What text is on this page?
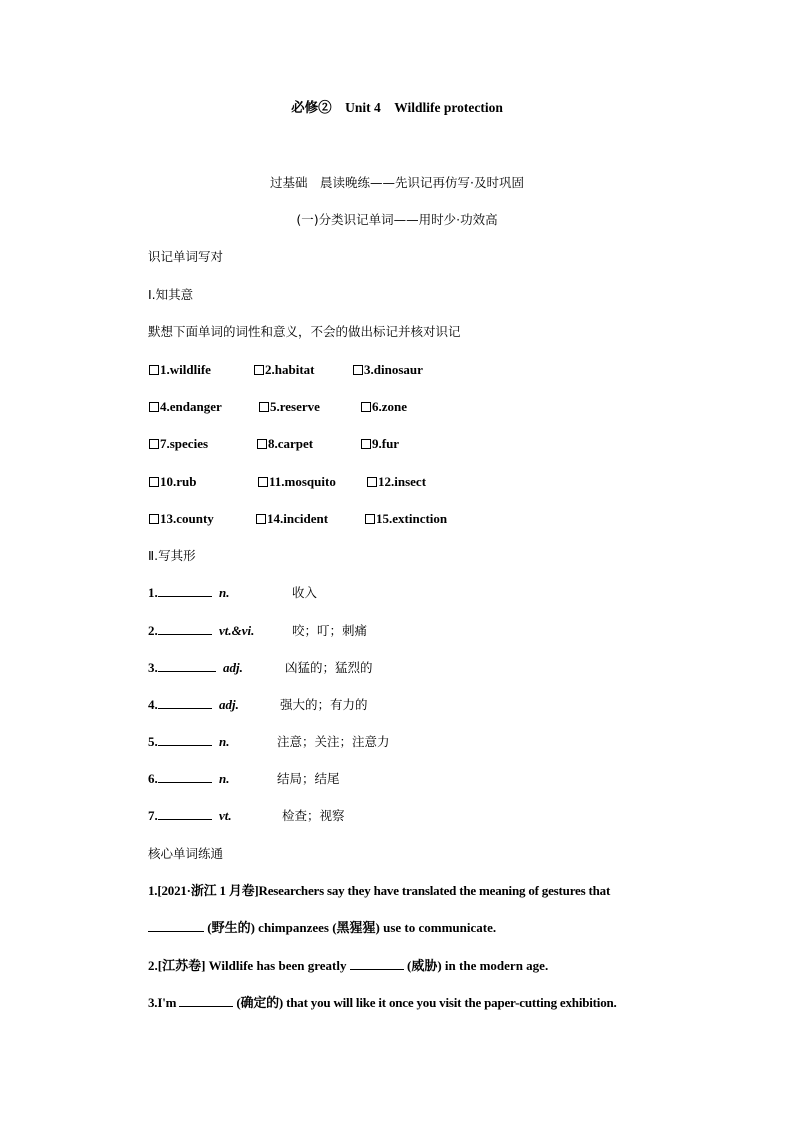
必修②　Unit 4　Wildlife protection
过基础　晨读晚练——先识记再仿写·及时巩固
(一)分类识记单词——用时少·功效高
识记单词写对
Ⅰ.知其意
默想下面单词的词性和意义，不会的做出标记并核对识记
1.wildlife	2.habitat	3.dinosaur
4.endanger	5.reserve	6.zone
7.species	8.carpet	9.fur
10.rub	11.mosquito	12.insect
13.county	14.incident	15.extinction
Ⅱ.写其形
1.	n.	收入
2.	vt.&vi.	咬；叮；刺痛
3.	adj.	凶猛的；猛烈的
4.	adj.	强大的；有力的
5.	n.	注意；关注；注意力
6.	n.	结局；结尾
7.	vt.	检查；视察
核心单词练通
1.[2021·浙江 1 月卷]Researchers say they have translated the meaning of gestures that
(野生的) chimpanzees (黑猩猩) use to communicate.
2.[江苏卷] Wildlife has been greatly	(威胁) in the modern age.
3.I'm	(确定的) that you will like it once you visit the paper-cutting exhibition.
